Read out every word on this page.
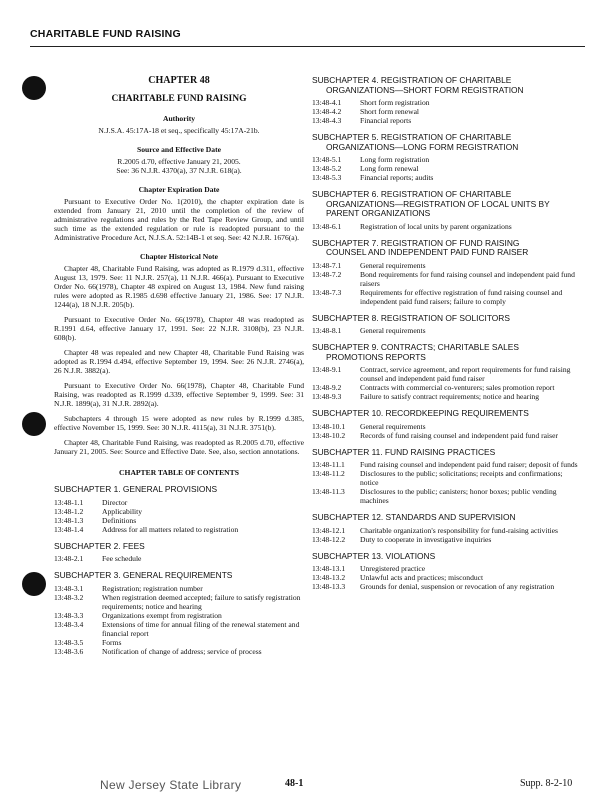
CHARITABLE FUND RAISING
CHAPTER 48
CHARITABLE FUND RAISING
Authority
N.J.S.A. 45:17A-18 et seq., specifically 45:17A-21b.
Source and Effective Date
R.2005 d.70, effective January 21, 2005.
See: 36 N.J.R. 4370(a), 37 N.J.R. 618(a).
Chapter Expiration Date

Pursuant to Executive Order No. 1(2010), the chapter expiration date is extended from January 21, 2010 until the completion of the review of administrative regulations and rules by the Red Tape Review Group, and until such time as the extended regulation or rule is readopted pursuant to the Administrative Procedure Act, N.J.S.A. 52:14B-1 et seq. See: 42 N.J.R. 1676(a).

Chapter Historical Note

Chapter 48, Charitable Fund Raising, was adopted as R.1979 d.311, effective August 13, 1979. See: 11 N.J.R. 257(a), 11 N.J.R. 466(a). Pursuant to Executive Order No. 66(1978), Chapter 48 expired on August 13, 1984. New fund raising rules were adopted as R.1985 d.698 effective January 21, 1986. See: 17 N.J.R. 1244(a), 18 N.J.R. 205(b).

Pursuant to Executive Order No. 66(1978), Chapter 48 was readopted as R.1991 d.64, effective January 17, 1991. See: 22 N.J.R. 3108(b), 23 N.J.R. 608(b).

Chapter 48 was repealed and new Chapter 48, Charitable Fund Raising was adopted as R.1994 d.494, effective September 19, 1994. See: 26 N.J.R. 2746(a), 26 N.J.R. 3882(a).

Pursuant to Executive Order No. 66(1978), Chapter 48, Charitable Fund Raising, was readopted as R.1999 d.339, effective September 9, 1999. See: 31 N.J.R. 1899(a), 31 N.J.R. 2892(a).

Subchapters 4 through 15 were adopted as new rules by R.1999 d.385, effective November 15, 1999. See: 30 N.J.R. 4115(a), 31 N.J.R. 3751(b).

Chapter 48, Charitable Fund Raising, was readopted as R.2005 d.70, effective January 21, 2005. See: Source and Effective Date. See, also, section annotations.

CHAPTER TABLE OF CONTENTS
SUBCHAPTER 1. GENERAL PROVISIONS
13:48-1.1	Director
13:48-1.2	Applicability
13:48-1.3	Definitions
13:48-1.4	Address for all matters related to registration
SUBCHAPTER 2. FEES
13:48-2.1	Fee schedule
SUBCHAPTER 3. GENERAL REQUIREMENTS
13:48-3.1	Registration; registration number
13:48-3.2	When registration deemed accepted; failure to satisfy registration requirements; notice and hearing
13:48-3.3	Organizations exempt from registration
13:48-3.4	Extensions of time for annual filing of the renewal statement and financial report
13:48-3.5	Forms
13:48-3.6	Notification of change of address; service of process
SUBCHAPTER 4. REGISTRATION OF CHARITABLE
ORGANIZATIONS—SHORT FORM REGISTRATION
13:48-4.1	Short form registration
13:48-4.2	Short form renewal
13:48-4.3	Financial reports
SUBCHAPTER 5. REGISTRATION OF CHARITABLE
ORGANIZATIONS—LONG FORM REGISTRATION
13:48-5.1	Long form registration
13:48-5.2	Long form renewal
13:48-5.3	Financial reports; audits
SUBCHAPTER 6. REGISTRATION OF CHARITABLE
ORGANIZATIONS—REGISTRATION OF LOCAL UNITS BY PARENT ORGANIZATIONS
13:48-6.1	Registration of local units by parent organizations
SUBCHAPTER 7. REGISTRATION OF FUND RAISING
COUNSEL AND INDEPENDENT PAID FUND RAISER
13:48-7.1	General requirements
13:48-7.2	Bond requirements for fund raising counsel and independent paid fund raisers
13:48-7.3	Requirements for effective registration of fund raising counsel and independent paid fund raisers; failure to comply
SUBCHAPTER 8. REGISTRATION OF SOLICITORS
13:48-8.1	General requirements
SUBCHAPTER 9. CONTRACTS; CHARITABLE SALES
PROMOTIONS REPORTS
13:48-9.1	Contract, service agreement, and report requirements for fund raising counsel and independent paid fund raiser
13:48-9.2	Contracts with commercial co-venturers; sales promotion report
13:48-9.3	Failure to satisfy contract requirements; notice and hearing
SUBCHAPTER 10. RECORDKEEPING REQUIREMENTS
13:48-10.1	General requirements
13:48-10.2	Records of fund raising counsel and independent paid fund raiser
SUBCHAPTER 11. FUND RAISING PRACTICES
13:48-11.1	Fund raising counsel and independent paid fund raiser; deposit of funds
13:48-11.2	Disclosures to the public; solicitations; receipts and confirmations; notice
13:48-11.3	Disclosures to the public; canisters; honor boxes; public vending machines
SUBCHAPTER 12. STANDARDS AND SUPERVISION
13:48-12.1	Charitable organization's responsibility for fund-raising activities
13:48-12.2	Duty to cooperate in investigative inquiries
SUBCHAPTER 13. VIOLATIONS
13:48-13.1	Unregistered practice
13:48-13.2	Unlawful acts and practices; misconduct
13:48-13.3	Grounds for denial, suspension or revocation of any registration
New Jersey State Library	48-1	Supp. 8-2-10
